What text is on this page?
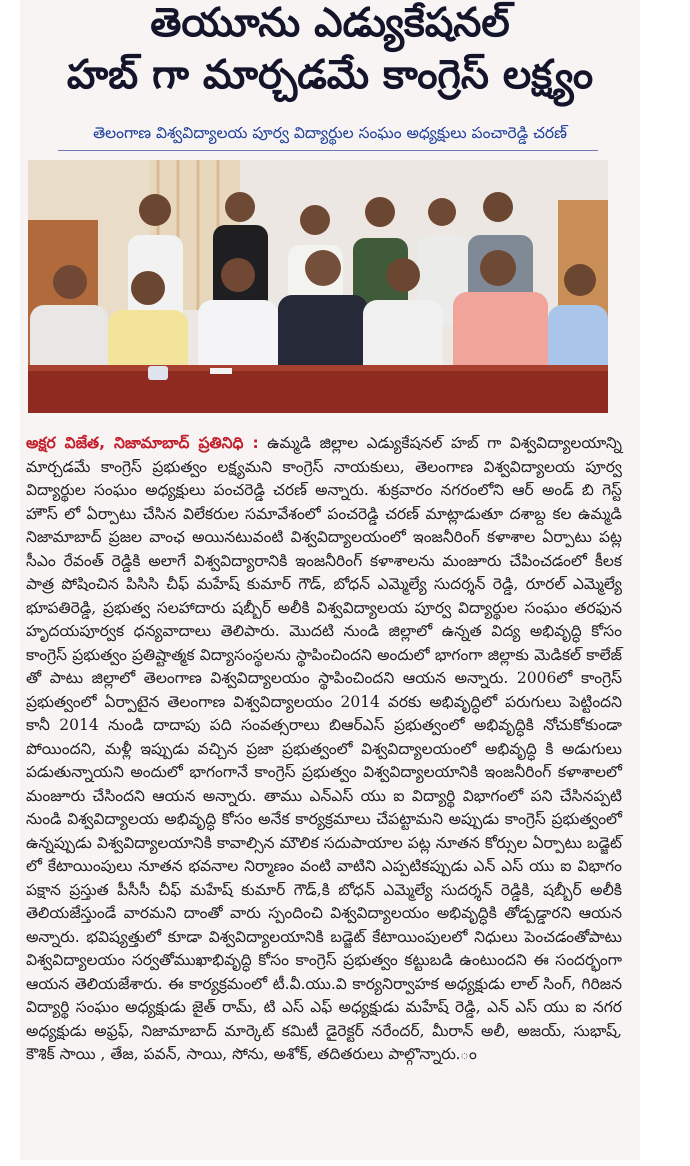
తెయూను ఎడ్యుకేషనల్
హబ్ గా మార్చడమే కాంగ్రెస్ లక్ష్యం
తెలంగాణ విశ్వవిద్యాలయ పూర్వ విద్యార్థుల సంఘం అధ్యక్షులు పంచారెడ్డి చరణ్
అక్షర విజేత, నిజామాబాద్ ప్రతినిధి : ఉమ్మడి జిల్లాల ఎడ్యుకేషనల్ హబ్ గా విశ్వవిద్యాలయాన్ని మార్చడమే కాంగ్రెస్ ప్రభుత్వం లక్ష్యమని కాంగ్రెస్ నాయకులు, తెలంగాణ విశ్వవిద్యాలయ పూర్వ విద్యార్థుల సంఘం అధ్యక్షులు పంచరెడ్డి చరణ్ అన్నారు. శుక్రవారం నగరంలోని ఆర్ అండ్ బి గెస్ట్ హౌస్ లో ఏర్పాటు చేసిన విలేకరుల సమావేశంలో పంచరెడ్డి చరణ్ మాట్లాడుతూ దశాబ్ద కల ఉమ్మడి నిజామాబాద్ ప్రజల వాంఛ అయినటువంటి విశ్వవిద్యాలయంలో ఇంజనీరింగ్ కళాశాల ఏర్పాటు పట్ల సీఎం రేవంత్ రెడ్డికి అలాగే విశ్వవిద్యారానికి ఇంజనీరింగ్ కళాశాలను మంజూరు చేపించడంలో కీలక పాత్ర పోషించిన పిసిసి చీఫ్ మహేష్ కుమార్ గౌడ్, బోధన్ ఎమ్మెల్యే సుదర్శన్ రెడ్డి, రూరల్ ఎమ్మెల్యే భూపతిరెడ్డి, ప్రభుత్వ సలహాదారు షబ్బీర్ అలీకి విశ్వవిద్యాలయ పూర్వ విద్యార్థుల సంఘం తరఫున హృదయపూర్వక ధన్యవాదాలు తెలిపారు. మొదటి నుండి జిల్లాలో ఉన్నత విద్య అభివృద్ధి కోసం కాంగ్రెస్ ప్రభుత్వం ప్రతిష్టాత్మక విద్యాసంస్థలను స్థాపించిందని అందులో భాగంగా జిల్లాకు మెడికల్ కాలేజ్ తో పాటు జిల్లాలో తెలంగాణ విశ్వవిద్యాలయం స్థాపించిందని ఆయన అన్నారు. 2006లో కాంగ్రెస్ ప్రభుత్వంలో ఏర్పాటైన తెలంగాణ విశ్వవిద్యాలయం 2014 వరకు అభివృద్ధిలో పరుగులు పెట్టిందని కానీ 2014 నుండి దాదాపు పది సంవత్సరాలు బిఆర్ఎస్ ప్రభుత్వంలో అభివృద్ధికి నోచుకోకుండా పోయిందని, మళ్లీ ఇప్పుడు వచ్చిన ప్రజా ప్రభుత్వంలో విశ్వవిద్యాలయంలో అభివృద్ధి కి అడుగులు పడుతున్నాయని అందులో భాగంగానే కాంగ్రెస్ ప్రభుత్వం విశ్వవిద్యాలయానికి ఇంజనీరింగ్ కళాశాలలో మంజూరు చేసిందని ఆయన అన్నారు. తాము ఎన్ఎస్ యు ఐ విద్యార్థి విభాగంలో పని చేసినప్పటి నుండి విశ్వవిద్యాలయ అభివృద్ధి కోసం అనేక కార్యక్రమాలు చేపట్టామని అప్పుడు కాంగ్రెస్ ప్రభుత్వంలో ఉన్నప్పుడు విశ్వవిద్యాలయానికి కావాల్సిన మౌలిక సదుపాయాల పట్ల నూతన కోర్సుల ఏర్పాటు బడ్జెట్ లో కేటాయింపులు నూతన భవనాల నిర్మాణం వంటి వాటిని ఎప్పటికప్పుడు ఎన్ ఎస్ యు ఐ విభాగం పక్షాన ప్రస్తుత పీసీసీ చీఫ్ మహేష్ కుమార్ గౌడ్,కి బోధన్ ఎమ్మెల్యే సుదర్శన్ రెడ్డికి, షబ్బీర్ అలీకి తెలియజేస్తుండే వారమని దాంతో వారు స్పందించి విశ్వవిద్యాలయం అభివృద్ధికి తోడ్పడ్డారని ఆయన అన్నారు. భవిష్యత్తులో కూడా విశ్వవిద్యాలయానికి బడ్జెట్ కేటాయింపులలో నిధులు పెంచడంతోపాటు విశ్వవిద్యాలయం సర్వతోముఖాభివృద్ధి కోసం కాంగ్రెస్ ప్రభుత్వం కట్టుబడి ఉంటుందని ఈ సందర్భంగా ఆయన తెలియజేశారు. ఈ కార్యక్రమంలో టీ.వీ.యు.వి కార్యనిర్వాహక అధ్యక్షుడు లాల్ సింగ్, గిరిజన విద్యార్థి సంఘం అధ్యక్షుడు జైత్ రామ్, టి ఎస్ ఎఫ్ అధ్యక్షుడు మహేష్ రెడ్డి, ఎన్ ఎస్ యు ఐ నగర అధ్యక్షుడు అఫ్రఫ్, నిజామాబాద్ మార్కెట్ కమిటీ డైరెక్టర్ నరేందర్, మీరాన్ అలీ, అజయ్, సుభాష్, కౌశిక్ సాయి , తేజ, పవన్, సాయి, సోను, అశోక్, తదితరులు పాల్గొన్నారు.ం
